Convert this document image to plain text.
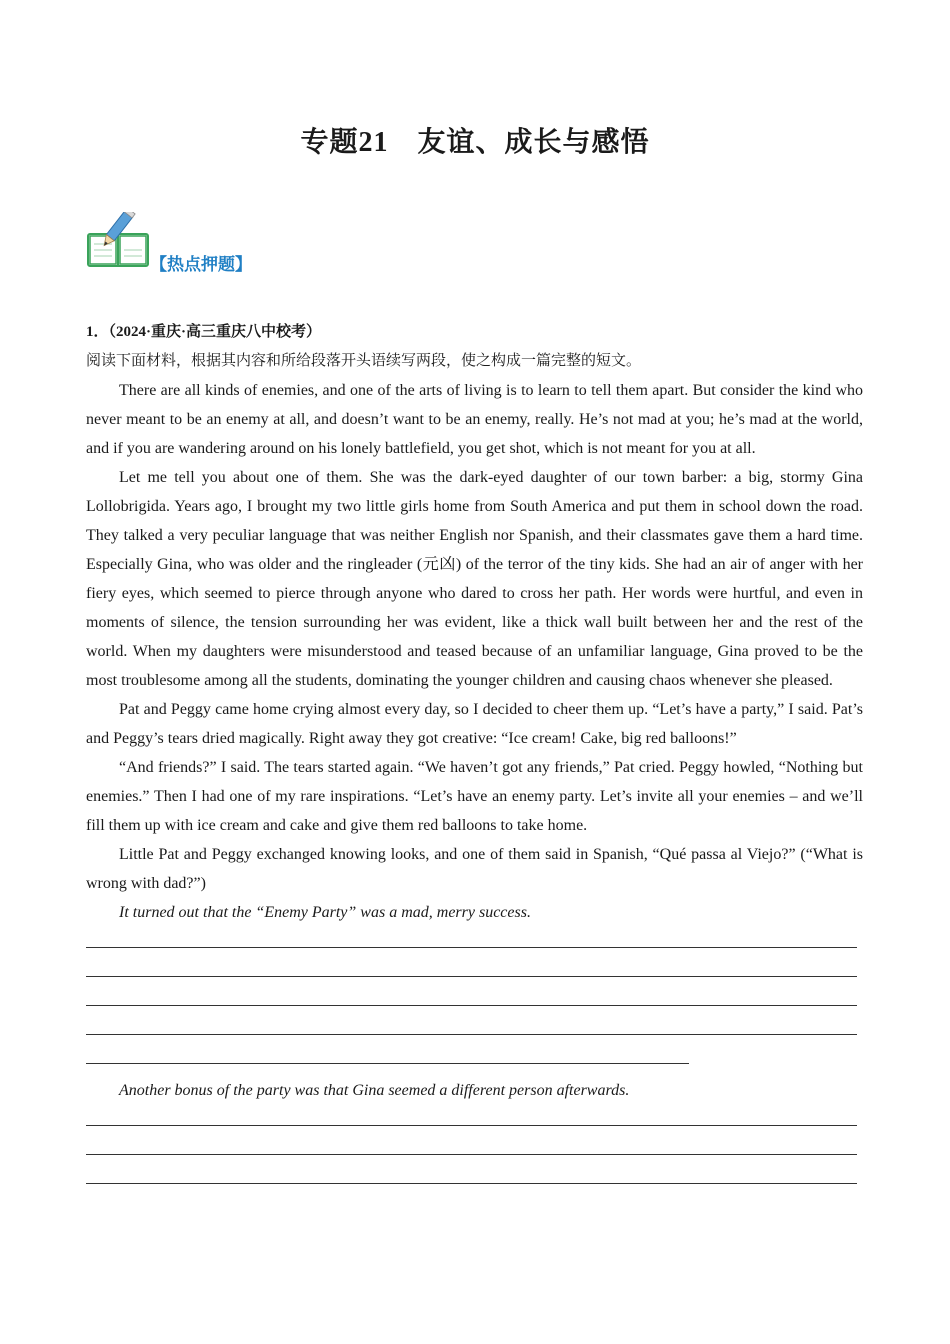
专题21　友谊、成长与感悟
【热点押题】

1．（2024·重庆·高三重庆八中校考）

阅读下面材料，根据其内容和所给段落开头语续写两段，使之构成一篇完整的短文。

There are all kinds of enemies, and one of the arts of living is to learn to tell them apart. But consider the kind who never meant to be an enemy at all, and doesn’t want to be an enemy, really. He’s not mad at you; he’s mad at the world, and if you are wandering around on his lonely battlefield, you get shot, which is not meant for you at all.

Let me tell you about one of them. She was the dark-eyed daughter of our town barber: a big, stormy Gina Lollobrigida. Years ago, I brought my two little girls home from South America and put them in school down the road. They talked a very peculiar language that was neither English nor Spanish, and their classmates gave them a hard time. Especially Gina, who was older and the ringleader (元凶) of the terror of the tiny kids. She had an air of anger with her fiery eyes, which seemed to pierce through anyone who dared to cross her path. Her words were hurtful, and even in moments of silence, the tension surrounding her was evident, like a thick wall built between her and the rest of the world. When my daughters were misunderstood and teased because of an unfamiliar language, Gina proved to be the most troublesome among all the students, dominating the younger children and causing chaos whenever she pleased.

Pat and Peggy came home crying almost every day, so I decided to cheer them up. “Let’s have a party,” I said. Pat’s and Peggy’s tears dried magically. Right away they got creative: “Ice cream! Cake, big red balloons!”

“And friends?” I said. The tears started again. “We haven’t got any friends,” Pat cried. Peggy howled, “Nothing but enemies.” Then I had one of my rare inspirations. “Let’s have an enemy party. Let’s invite all your enemies – and we’ll fill them up with ice cream and cake and give them red balloons to take home.

Little Pat and Peggy exchanged knowing looks, and one of them said in Spanish, “Qué passa al Viejo?” (“What is wrong with dad?”)

It turned out that the “Enemy Party” was a mad, merry success.

Another bonus of the party was that Gina seemed a different person afterwards.
